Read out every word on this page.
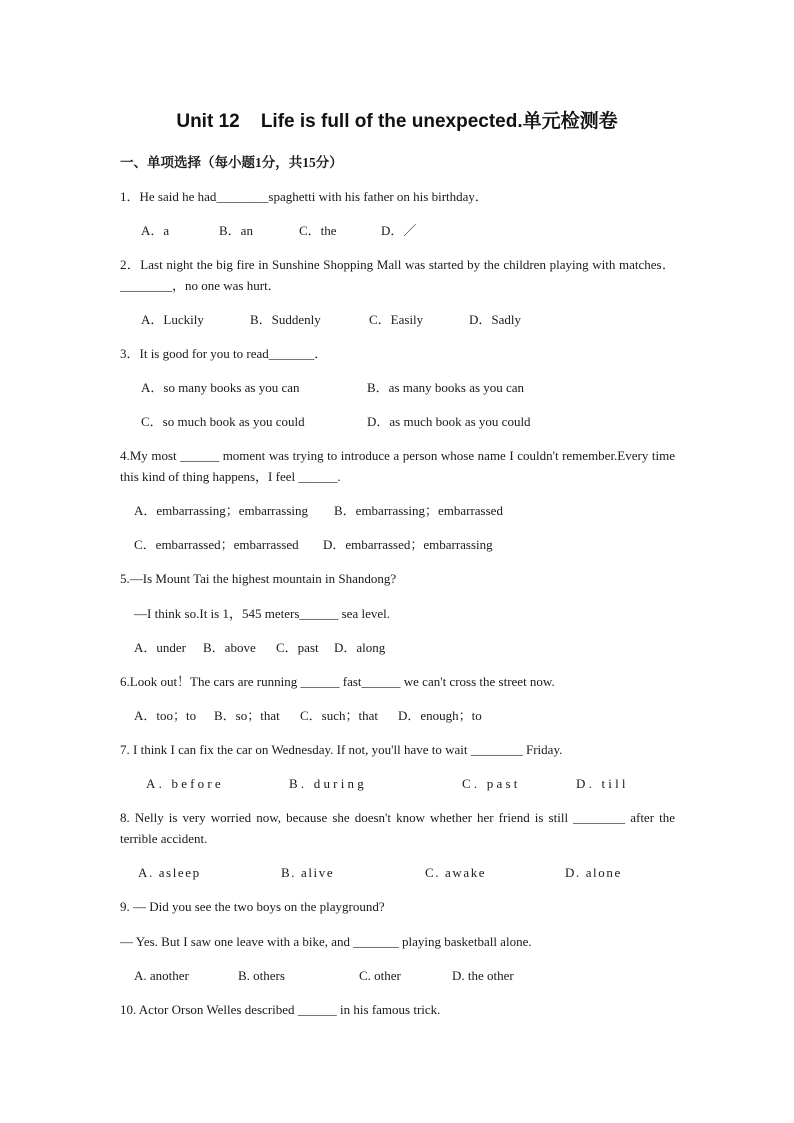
Unit 12    Life is full of the unexpected.单元检测卷
一、单项选择（每小题1分，共15分）
1．He said he had________spaghetti with his father on his birthday．
A．a	B．an	C．the	D．／
2．Last night the big fire in Sunshine Shopping Mall was started by the children playing with matches．________，no one was hurt．
A．Luckily	B．Suddenly	C．Easily	D．Sadly
3．It is good for you to read_______．
A．so many books as you can	B．as many books as you can
C．so much book as you could	D．as much book as you could
4.My most ______ moment was trying to introduce a person whose name I couldn't remember.Every time this kind of thing happens，I feel ______.
A．embarrassing；embarrassing B．embarrassing；embarrassed
C．embarrassed；embarrassed D．embarrassed；embarrassing
5.—Is Mount Tai the highest mountain in Shandong?
—I think so.It is 1，545 meters______ sea level.
A．under B．above C．past D．along
6.Look out！The cars are running ______ fast______ we can't cross the street now.
A．too；to B．so；that C．such；that D．enough；to
7. I think I can fix the car on Wednesday. If not, you'll have to wait ________ Friday.
A. before	B. during	C. past	D. till
8. Nelly is very worried now, because she doesn't know whether her friend is still ________ after the terrible accident.
A. asleep	B. alive	C. awake	D. alone
9. — Did you see the two boys on the playground?
— Yes. But I saw one leave with a bike, and _______ playing basketball alone.
A. another	B. others	C. other	D. the other
10. Actor Orson Welles described ______ in his famous trick.
